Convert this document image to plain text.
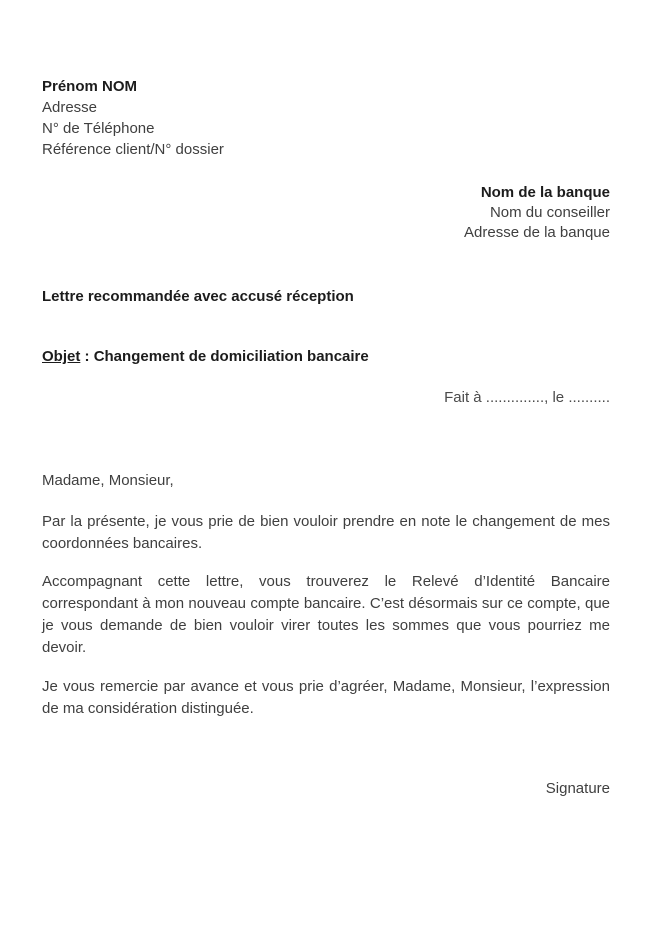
Prénom NOM
Adresse
N° de Téléphone
Référence client/N° dossier
Nom de la banque
Nom du conseiller
Adresse de la banque
Lettre recommandée avec accusé réception
Objet : Changement de domiciliation bancaire
Fait à .............., le ..........
Madame, Monsieur,

Par la présente, je vous prie de bien vouloir prendre en note le changement de mes coordonnées bancaires.

Accompagnant cette lettre, vous trouverez le Relevé d’Identité Bancaire correspondant à mon nouveau compte bancaire. C’est désormais sur ce compte, que je vous demande de bien vouloir virer toutes les sommes que vous pourriez me devoir.

Je vous remercie par avance et vous prie d’agréer, Madame, Monsieur, l’expression de ma considération distinguée.

Signature
